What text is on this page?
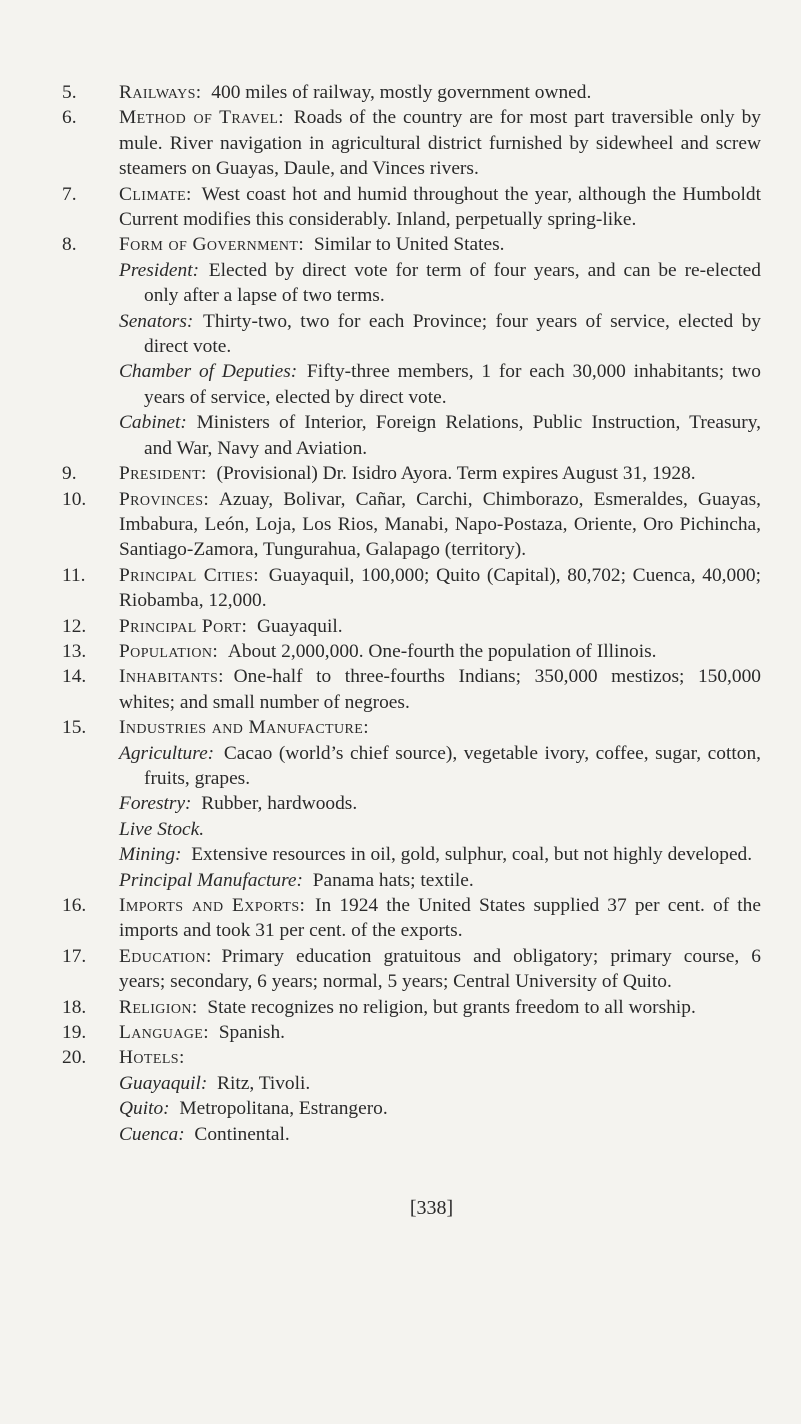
5.	Railways:  400 miles of railway, mostly government owned.
6.	Method of Travel:  Roads of the country are for most part traversible only by mule. River navigation in agricultural district furnished by sidewheel and screw steamers on Guayas, Daule, and Vinces rivers.
7.	Climate:  West coast hot and humid throughout the year, although the Humboldt Current modifies this considerably. Inland, perpetually spring-like.
8.	Form of Government:  Similar to United States.
President:  Elected by direct vote for term of four years, and can be re-elected only after a lapse of two terms.
Senators:  Thirty-two, two for each Province; four years of service, elected by direct vote.
Chamber of Deputies:  Fifty-three members, 1 for each 30,000 inhabitants; two years of service, elected by direct vote.
Cabinet:  Ministers of Interior, Foreign Relations, Public Instruction, Treasury, and War, Navy and Aviation.
9.	President:  (Provisional) Dr. Isidro Ayora. Term expires August 31, 1928.
10.	Provinces:  Azuay, Bolivar, Cañar, Carchi, Chimborazo, Esmeraldes, Guayas, Imbabura, León, Loja, Los Rios, Manabi, Napo-Postaza, Oriente, Oro Pichincha, Santiago-Zamora, Tungurahua, Galapago (territory).
11.	Principal Cities:  Guayaquil, 100,000; Quito (Capital), 80,702; Cuenca, 40,000; Riobamba, 12,000.
12.	Principal Port:  Guayaquil.
13.	Population:  About 2,000,000. One-fourth the population of Illinois.
14.	Inhabitants:  One-half to three-fourths Indians; 350,000 mestizos; 150,000 whites; and small number of negroes.
15.	Industries and Manufacture:
Agriculture:  Cacao (world’s chief source), vegetable ivory, coffee, sugar, cotton, fruits, grapes.
Forestry:  Rubber, hardwoods.
Live Stock.
Mining:  Extensive resources in oil, gold, sulphur, coal, but not highly developed.
Principal Manufacture:  Panama hats; textile.
16.	Imports and Exports:  In 1924 the United States supplied 37 per cent. of the imports and took 31 per cent. of the exports.
17.	Education:  Primary education gratuitous and obligatory; primary course, 6 years; secondary, 6 years; normal, 5 years; Central University of Quito.
18.	Religion:  State recognizes no religion, but grants freedom to all worship.
19.	Language:  Spanish.
20.	Hotels:
Guayaquil:  Ritz, Tivoli.
Quito:  Metropolitana, Estrangero.
Cuenca:  Continental.
[338]
